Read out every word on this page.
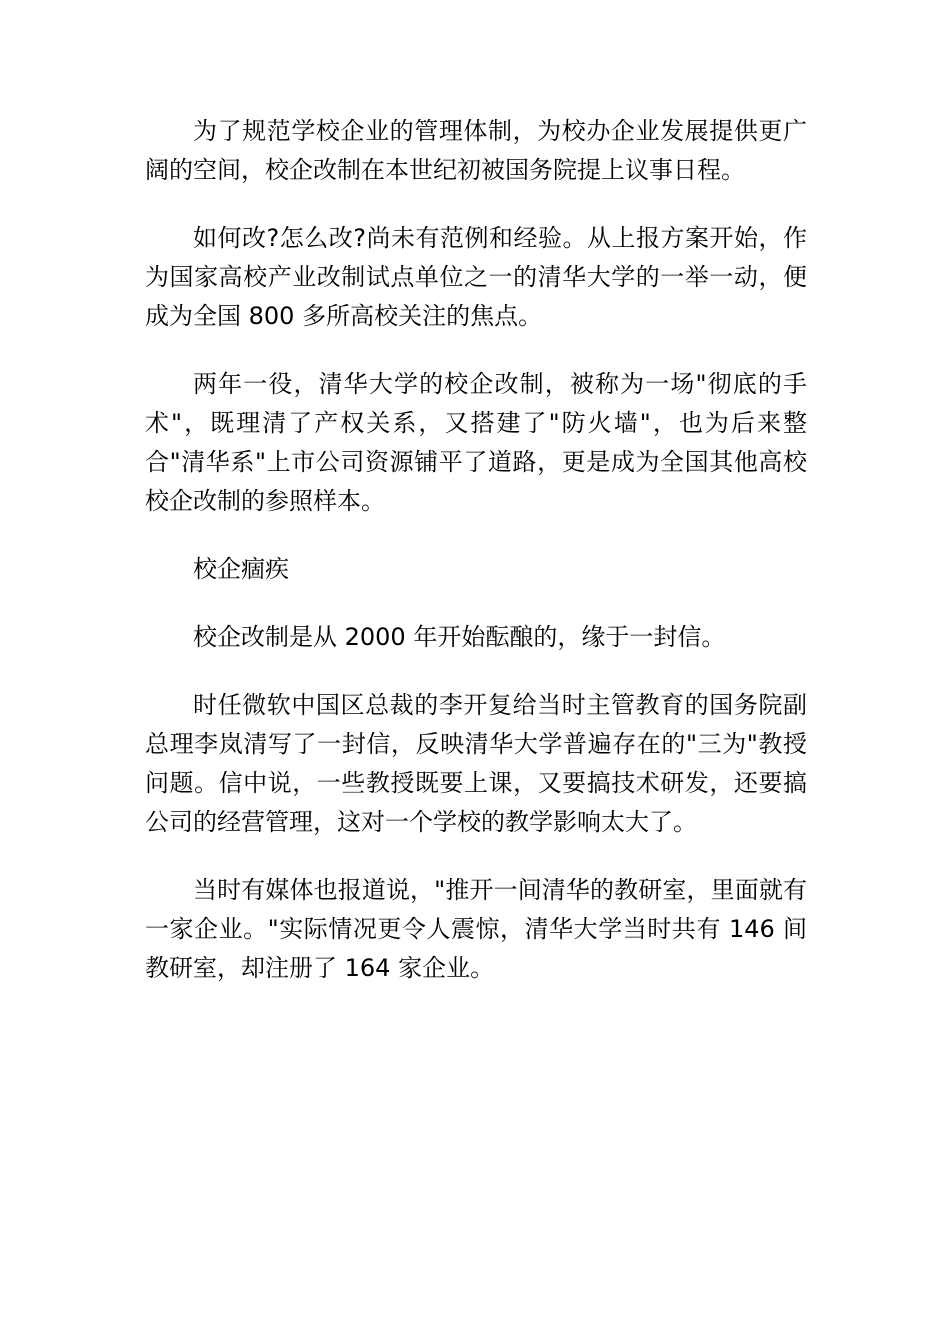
为了规范学校企业的管理体制，为校办企业发展提供更广阔的空间，校企改制在本世纪初被国务院提上议事日程。

如何改?怎么改?尚未有范例和经验。从上报方案开始，作为国家高校产业改制试点单位之一的清华大学的一举一动，便成为全国 800 多所高校关注的焦点。

两年一役，清华大学的校企改制，被称为一场"彻底的手术"，既理清了产权关系，又搭建了"防火墙"，也为后来整合"清华系"上市公司资源铺平了道路，更是成为全国其他高校校企改制的参照样本。

校企痼疾

校企改制是从 2000 年开始酝酿的，缘于一封信。

时任微软中国区总裁的李开复给当时主管教育的国务院副总理李岚清写了一封信，反映清华大学普遍存在的"三为"教授问题。信中说，一些教授既要上课，又要搞技术研发，还要搞公司的经营管理，这对一个学校的教学影响太大了。

当时有媒体也报道说，"推开一间清华的教研室，里面就有一家企业。"实际情况更令人震惊，清华大学当时共有 146 间教研室，却注册了 164 家企业。
